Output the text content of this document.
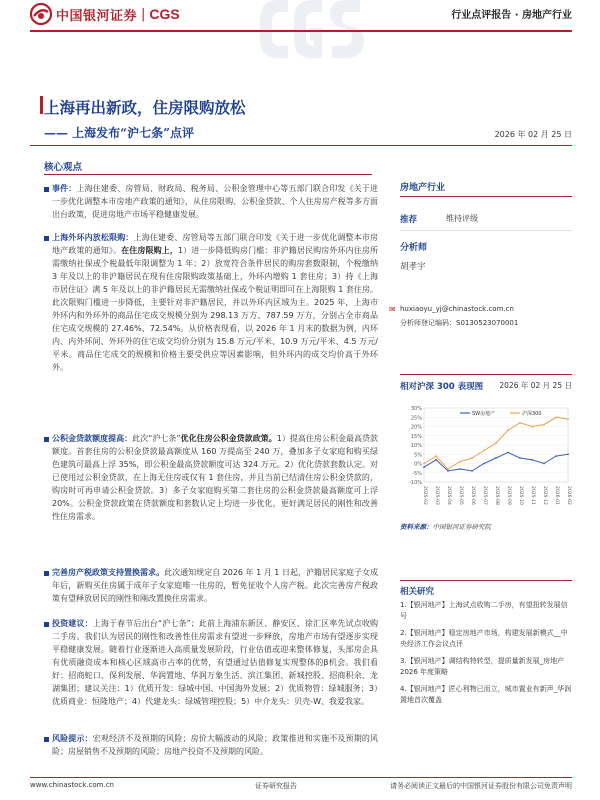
中国银河证券 | CGS	行业点评报告 · 房地产行业
上海再出新政，住房限购放松
—— 上海发布“沪七条”点评	2026 年 02 月 25 日
核心观点
事件：上海住建委、房管局、财政局、税务局、公积金管理中心等五部门联合印发《关于进一步优化调整本市房地产政策的通知》，从住房限购、公积金贷款、个人住房房产税等多方面出台政策，促进房地产市场平稳健康发展。
上海外环内放松限购：上海住建委、房管局等五部门联合印发《关于进一步优化调整本市房地产政策的通知》。在住房限购上，1）进一步降低购房门槛：非沪籍居民购房外环内住房所需缴纳社保或个税最低年限调整为 1 年；2）放宽符合条件居民的购房套数限制，个税缴纳 3 年及以上的非沪籍居民在现有住房限购政策基础上，外环内增购 1 套住房；3）持《上海市居住证》满 5 年及以上的非沪籍居民无需缴纳社保或个税证明即可在上海限购 1 套住房。此次限购门槛进一步降低，主要针对非沪籍居民，并以外环内区域为主。2025 年，上海市外环内和外环外的商品住宅成交规模分别为 298.13 万方、787.59 万方，分别占全市商品住宅成交规模的 27.46%、72.54%。从价格表现看，以 2026 年 1 月末的数据为例，内环内、内外环间、外环外的住宅成交均价分别为 15.8 万元/平米、10.9 万元/平米、4.5 万元/平米。商品住宅成交的规模和价格主要受供应等因素影响，但外环内的成交均价高于外环外。
公积金贷款额度提高：此次“沪七条”优化住房公积金贷款政策。1）提高住房公积金最高贷款额度。首套住房的公积金贷款最高额度从 160 万提高至 240 万，叠加多子女家庭和购买绿色建筑可最高上浮 35%，即公积金最高贷款额度可达 324 万元。2）优化贷款套数认定。对已使用过公积金贷款，在上海无住房或仅有 1 套住房，并且当前已结清住房公积金贷款的，购房时可再申请公积金贷款。3）多子女家庭购买第二套住房的公积金贷款最高额度可上浮 20%。公积金贷款政策在贷款额度和套数认定上均进一步优化，更好满足居民的刚性和改善性住房需求。
完善房产税政策支持置换需求。此次通知规定自 2026 年 1 月 1 日起，沪籍居民家庭子女成年后，新购买住房属于成年子女家庭唯一住房的，暂免征收个人房产税。此次完善房产税政策有望释放居民的刚性和刚改置换住房需求。
投资建议：上海于春节后出台“沪七条”；此前上海浦东新区、静安区、徐汇区率先试点收购二手房。我们认为居民的刚性和改善性住房需求有望进一步释放，房地产市场有望逐步实现平稳健康发展。随着行业逐渐进入高质量发展阶段，行业估值或迎来整体修复，头部房企具有优质融资成本和核心区域高市占率的优势，有望通过估值修复实现整体的β机会。我们看好：招商蛇口、保利发展、华润置地、华润万象生活、滨江集团、新城控股、招商积余、龙湖集团；建议关注：1）优质开发：绿城中国、中国海外发展；2）优质物管：绿城服务；3）优质商业：恒隆地产；4）代建龙头：绿城管理控股；5）中介龙头：贝壳-W、我爱我家。
风险提示：宏观经济不及预期的风险；房价大幅波动的风险；政策推进和实施不及预期的风险；房屋销售不及预期的风险；房地产投资不及预期的风险。
房地产行业
推荐	维持评级
分析师
胡孝宇
✉ huxiaoyu_yj@chinastock.com.cn
分析师登记编码：S0130523070001
相对沪深 300 表现图 2026 年 02 月 25 日
30%
25%
20%
15%
10%
5%
0%
-5%
-10%
2025-02 2025-03 2025-04 2025-05 2025-06 2025-07 2025-08 2025-09 2025-10 2025-11 2025-12 2026-01 2026-02
SW房地产	沪深300
资料来源：中国银河证券研究院
相关研究
1.【银河地产】上海试点收购二手房，有望扭转发展信号
2.【银河地产】稳定房地产市场，构建发展新模式__中央经济工作会议点评
3.【银河地产】调结构特转型，提质量新发展_房地产 2026 年度策略
4.【银河地产】匠心利物已而立，城市置业有新声_华润置地首次覆盖
www.chinastock.com.cn	证券研究报告	请务必阅读正文最后的中国银河证券股份有限公司免责声明
